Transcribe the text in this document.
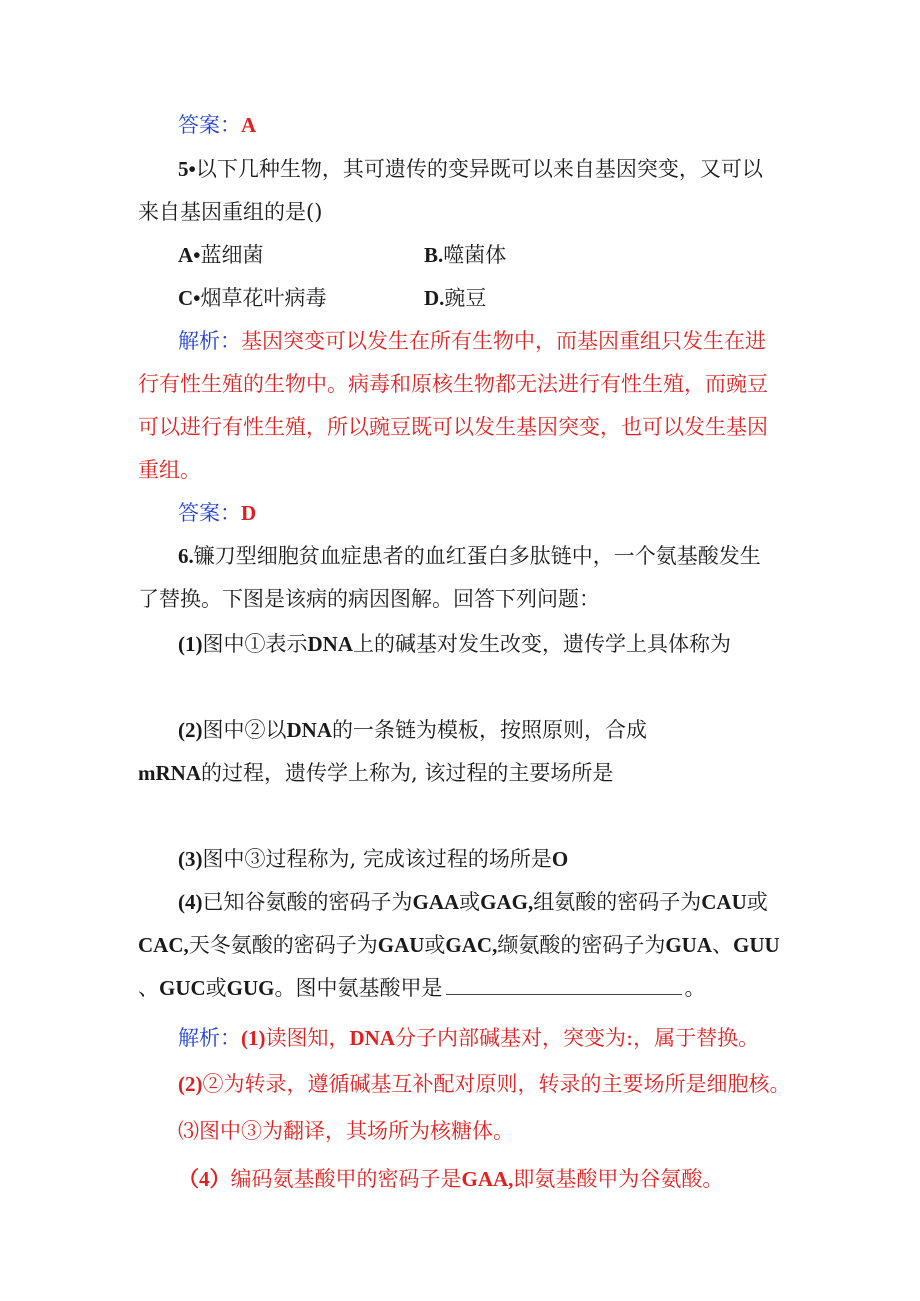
答案：A
5•以下几种生物，其可遗传的变异既可以来自基因突变，又可以
来自基因重组的是()
A•蓝细菌	B.噬菌体
C•烟草花叶病毒	D.豌豆
解析：基因突变可以发生在所有生物中，而基因重组只发生在进
行有性生殖的生物中。病毒和原核生物都无法进行有性生殖，而豌豆
可以进行有性生殖，所以豌豆既可以发生基因突变，也可以发生基因
重组。
答案：D
6.镰刀型细胞贫血症患者的血红蛋白多肽链中，一个氨基酸发生
了替换。下图是该病的病因图解。回答下列问题：
(1)图中①表示DNA上的碱基对发生改变，遗传学上具体称为
(2)图中②以DNA的一条链为模板，按照原则，合成
mRNA的过程，遗传学上称为, 该过程的主要场所是
(3)图中③过程称为, 完成该过程的场所是O
(4)已知谷氨酸的密码子为GAA或GAG,组氨酸的密码子为CAU或
CAC,天冬氨酸的密码子为GAU或GAC,缬氨酸的密码子为GUA、GUU
、GUC或GUG。图中氨基酸甲是	。
解析：(1)读图知，DNA分子内部碱基对，突变为:，属于替换。
(2)②为转录，遵循碱基互补配对原则，转录的主要场所是细胞核。
⑶图中③为翻译，其场所为核糖体。
（4）编码氨基酸甲的密码子是GAA,即氨基酸甲为谷氨酸。
